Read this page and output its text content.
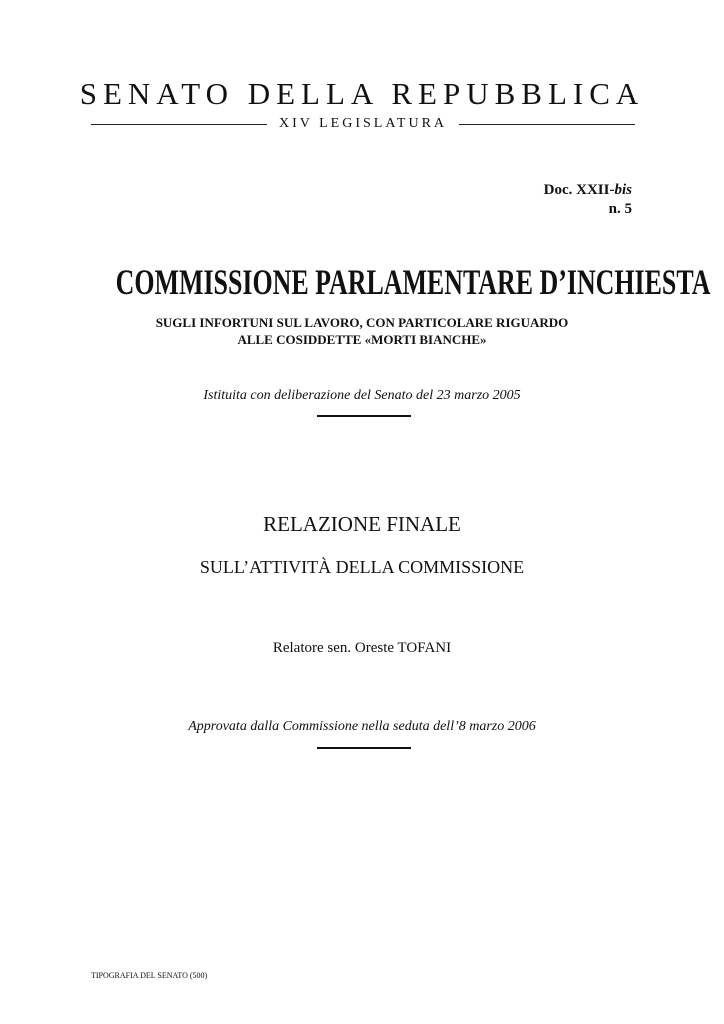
SENATO DELLA REPUBBLICA
XIV LEGISLATURA
Doc. XXII-bis
n. 5
COMMISSIONE PARLAMENTARE D’INCHIESTA
SUGLI INFORTUNI SUL LAVORO, CON PARTICOLARE RIGUARDO
ALLE COSIDDETTE «MORTI BIANCHE»
Istituita con deliberazione del Senato del 23 marzo 2005
RELAZIONE FINALE
SULL’ATTIVITÀ DELLA COMMISSIONE
Relatore sen. Oreste TOFANI
Approvata dalla Commissione nella seduta dell’8 marzo 2006
TIPOGRAFIA DEL SENATO (500)
